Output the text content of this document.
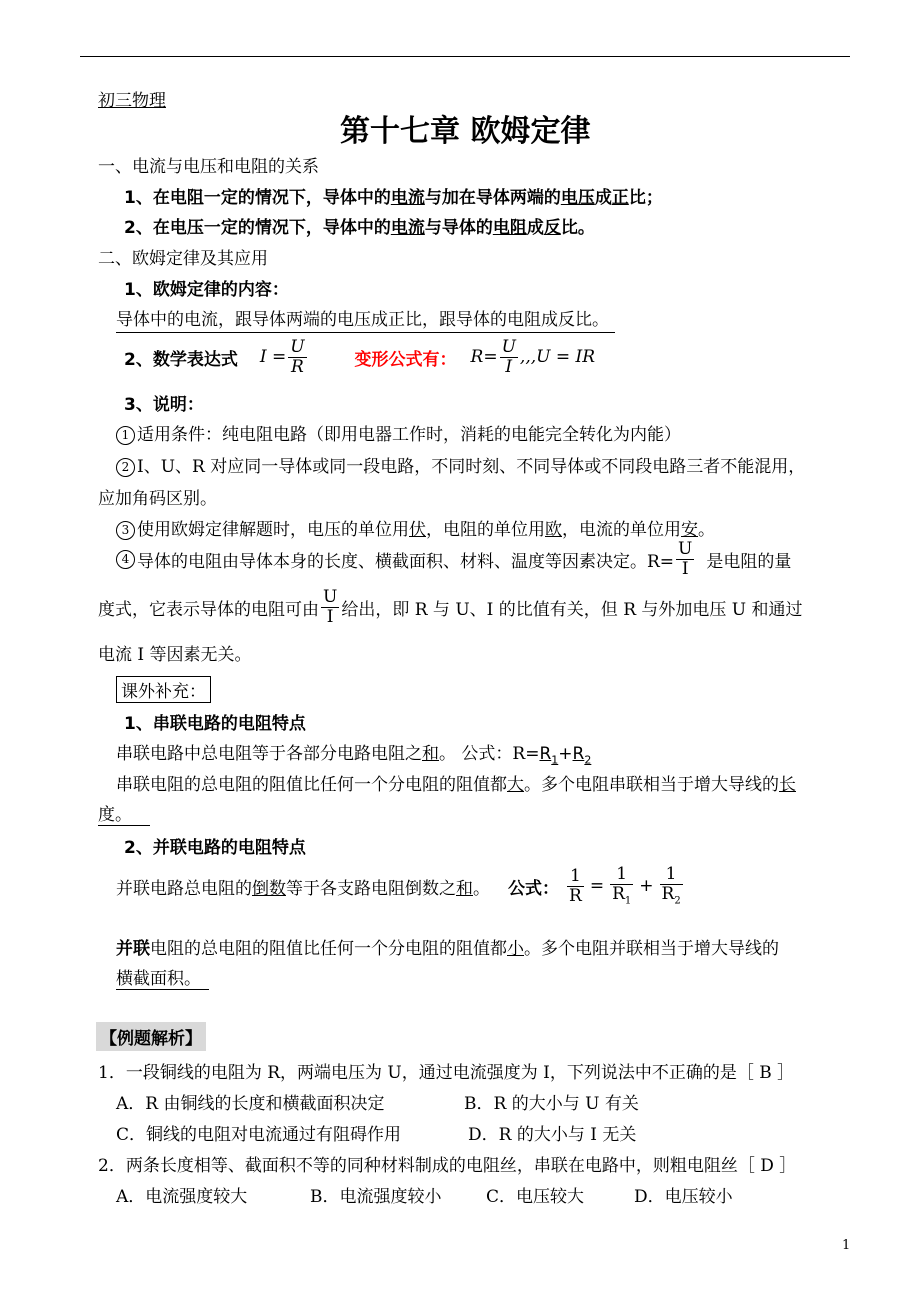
初三物理
第十七章 欧姆定律
一、电流与电压和电阻的关系
1、在电阻一定的情况下，导体中的电流与加在导体两端的电压成正比；
2、在电压一定的情况下，导体中的电流与导体的电阻成反比。
二、欧姆定律及其应用
1、欧姆定律的内容：
导体中的电流，跟导体两端的电压成正比，跟导体的电阻成反比。
2、数学表达式 $I = \frac{U}{R}$	变形公式有： $R= \frac{U}{I} ,,,U$ = IR
3、说明：
1 适用条件：纯电阻电路（即用电器工作时，消耗的电能完全转化为内能）
2 I、U、R 对应同一导体或同一段电路，不同时刻、不同导体或不同段电路三者不能混用，
应加角码区别。
3 使用欧姆定律解题时，电压的单位用伏，电阻的单位用欧，电流的单位用安。
4 导体的电阻由导体本身的长度、横截面积、材料、温度等因素决定。$R= \frac{U}{I}$ 是电阻的量
度式，它表示导体的电阻可由 $\frac{U}{I}$ 给出，即 R 与 U、I 的比值有关，但 R 与外加电压 U 和通过
电流 I 等因素无关。
课外补充：
1、串联电路的电阻特点
串联电路中总电阻等于各部分电路电阻之和。 公式：$R=R_1+R_2$
串联电阻的总电阻的阻值比任何一个分电阻的阻值都大。多个电阻串联相当于增大导线的长
度。
2、并联电路的电阻特点
并联电路总电阻的 倒数 等于各支路电阻倒数之 和 。 公式： $\frac{1}{R} = \frac{1}{R_1} + \frac{1}{R_2}$
并联电阻的总电阻的阻值比任何一个分电阻的阻值都小。多个电阻并联相当于增大导线的
横截面积。
【例题解析】
1．一段铜线的电阻为 R，两端电压为 U，通过电流强度为 I，下列说法中不正确的是［ B ］
A．R 由铜线的长度和横截面积决定	B．R 的大小与 U 有关
C．铜线的电阻对电流通过有阻碍作用	D．R 的大小与 I 无关
2．两条长度相等、截面积不等的同种材料制成的电阻丝，串联在电路中，则粗电阻丝［ D ］
A．电流强度较大	B．电流强度较小	C．电压较大	D．电压较小
1
